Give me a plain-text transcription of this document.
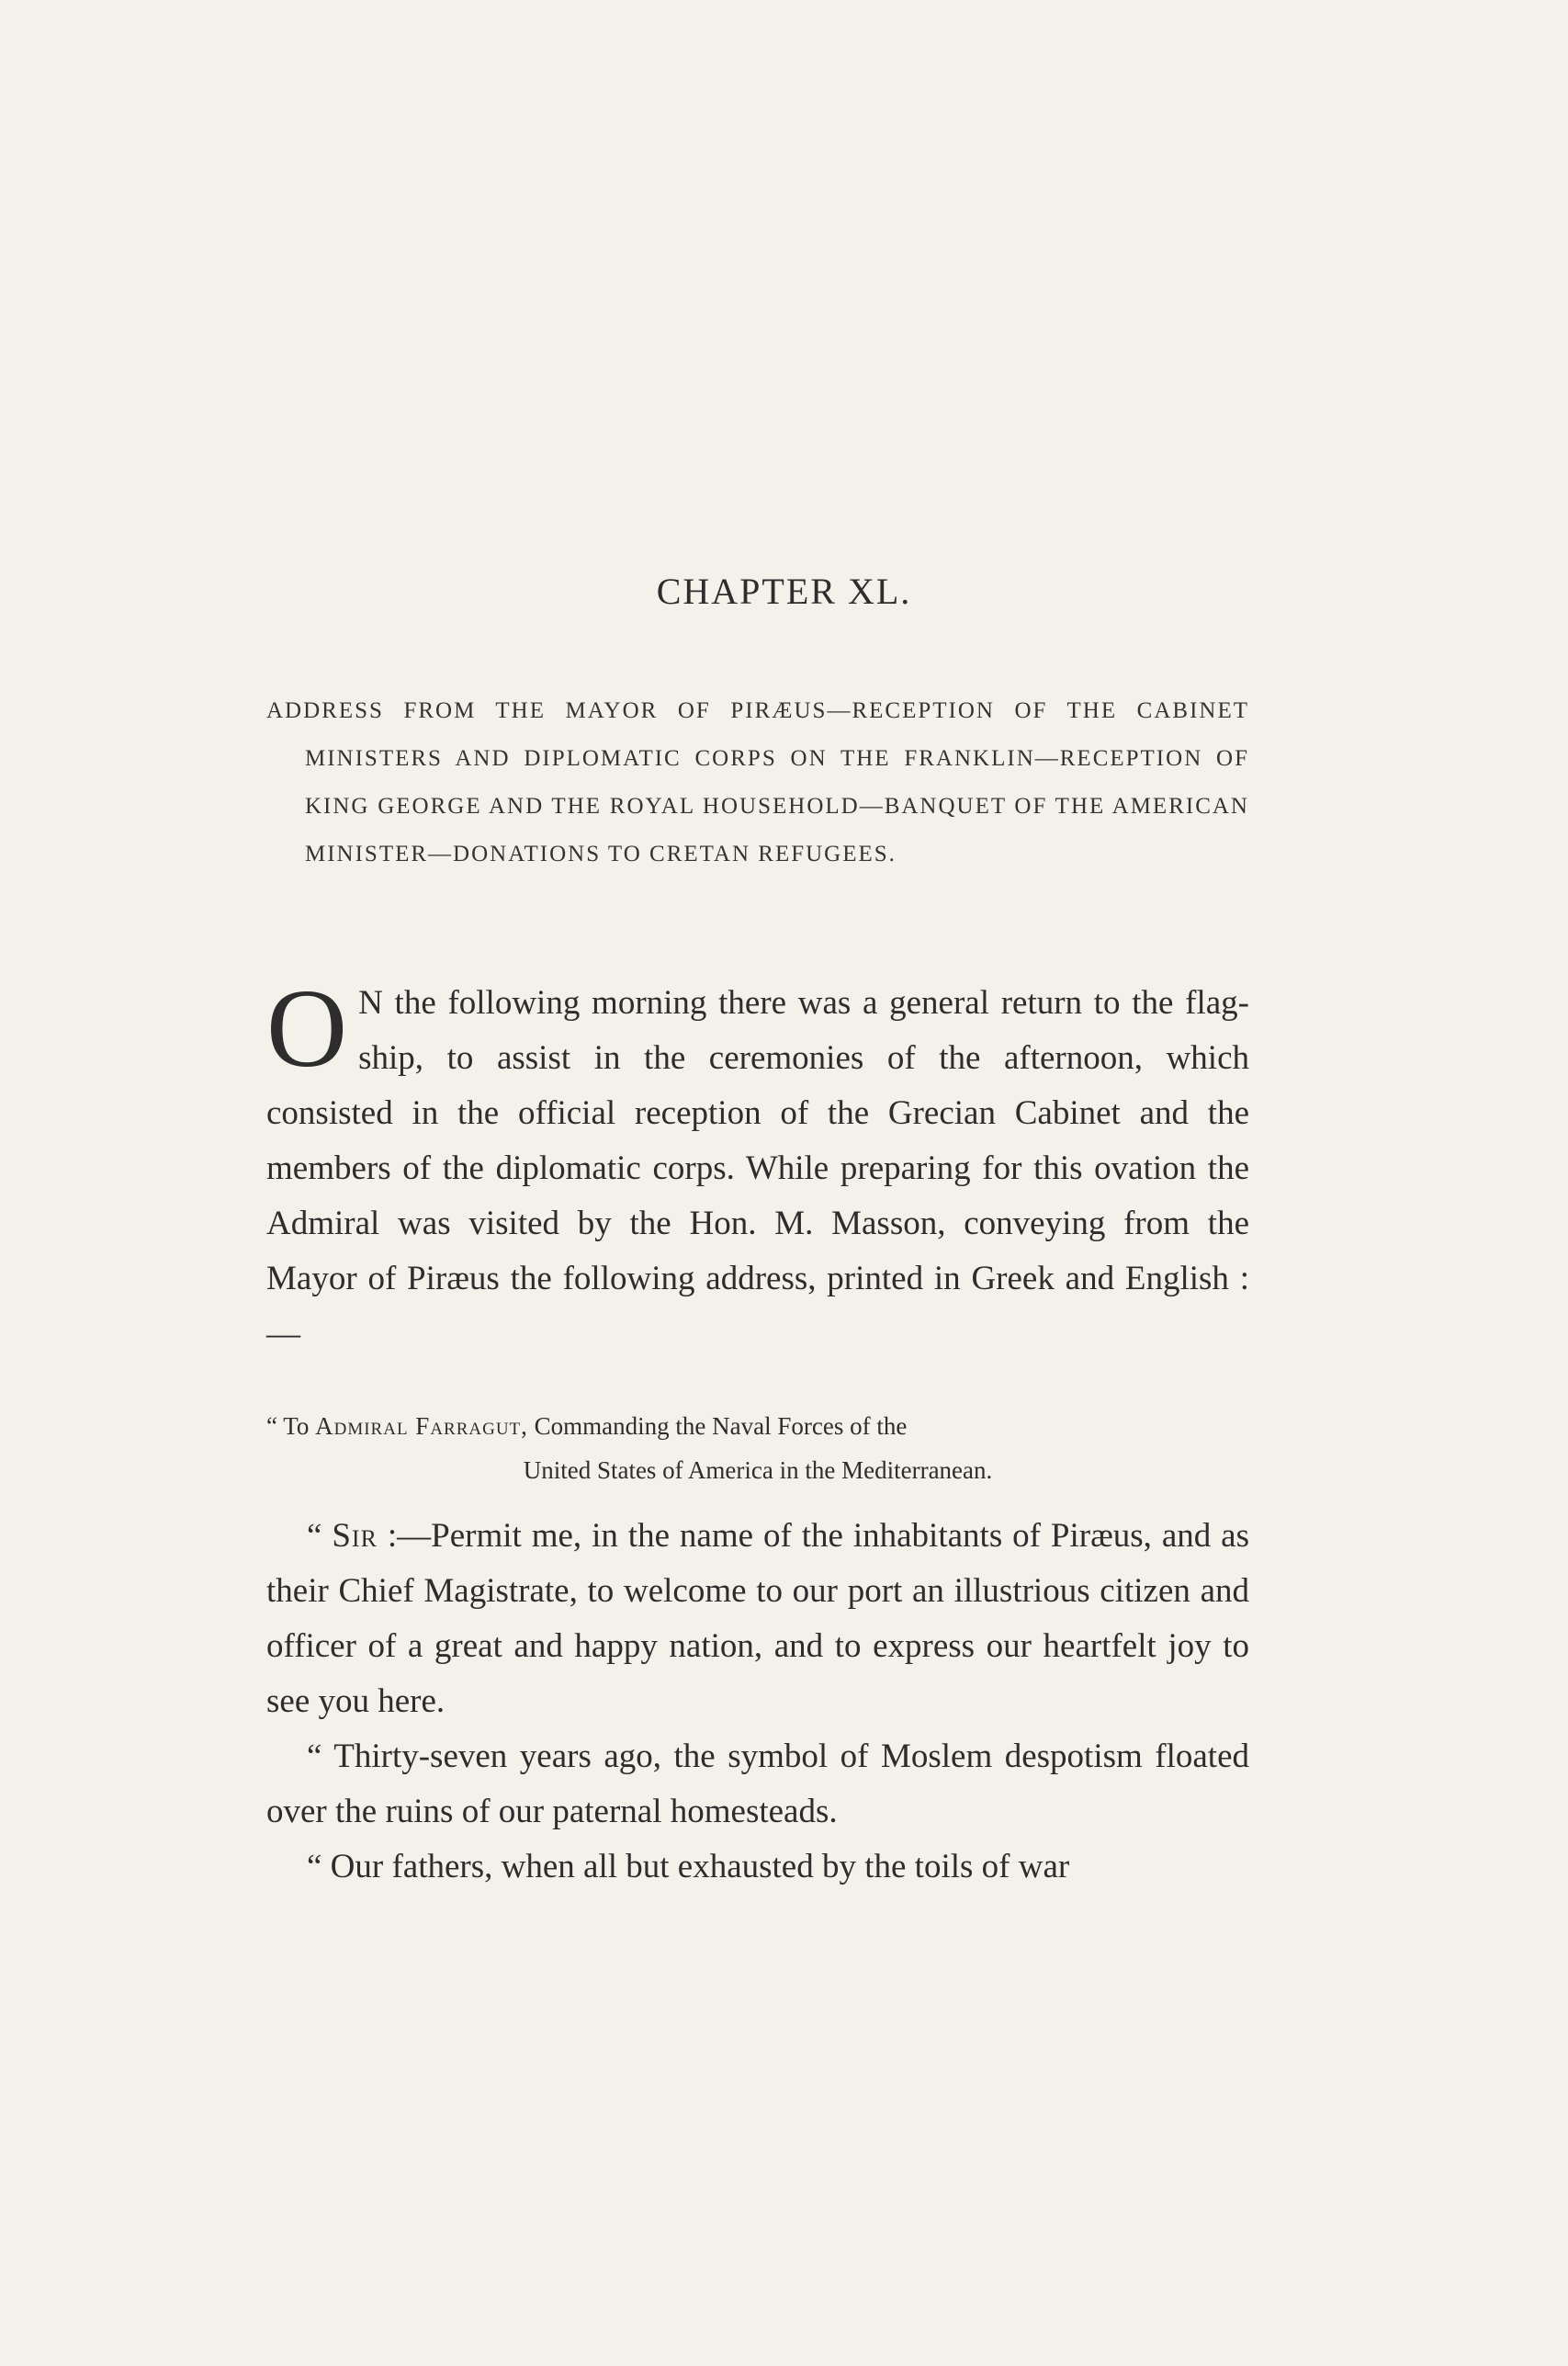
CHAPTER XL.

ADDRESS FROM THE MAYOR OF PIRÆUS—RECEPTION OF THE CABINET MINISTERS AND DIPLOMATIC CORPS ON THE FRANKLIN—RECEPTION OF KING GEORGE AND THE ROYAL HOUSEHOLD—BANQUET OF THE AMERICAN MINISTER—DONATIONS TO CRETAN REFUGEES.

O N the following morning there was a general return to the flag-ship, to assist in the ceremonies of the afternoon, which consisted in the official reception of the Grecian Cabinet and the members of the diplomatic corps. While preparing for this ovation the Admiral was visited by the Hon. M. Masson, conveying from the Mayor of Piræus the following address, printed in Greek and English :—

“ To Admiral Farragut, Commanding the Naval Forces of the
United States of America in the Mediterranean.

“ Sir :—Permit me, in the name of the inhabitants of Piræus, and as their Chief Magistrate, to welcome to our port an illustrious citizen and officer of a great and happy nation, and to express our heartfelt joy to see you here.

“ Thirty-seven years ago, the symbol of Moslem despotism floated over the ruins of our paternal homesteads.

“ Our fathers, when all but exhausted by the toils of war
